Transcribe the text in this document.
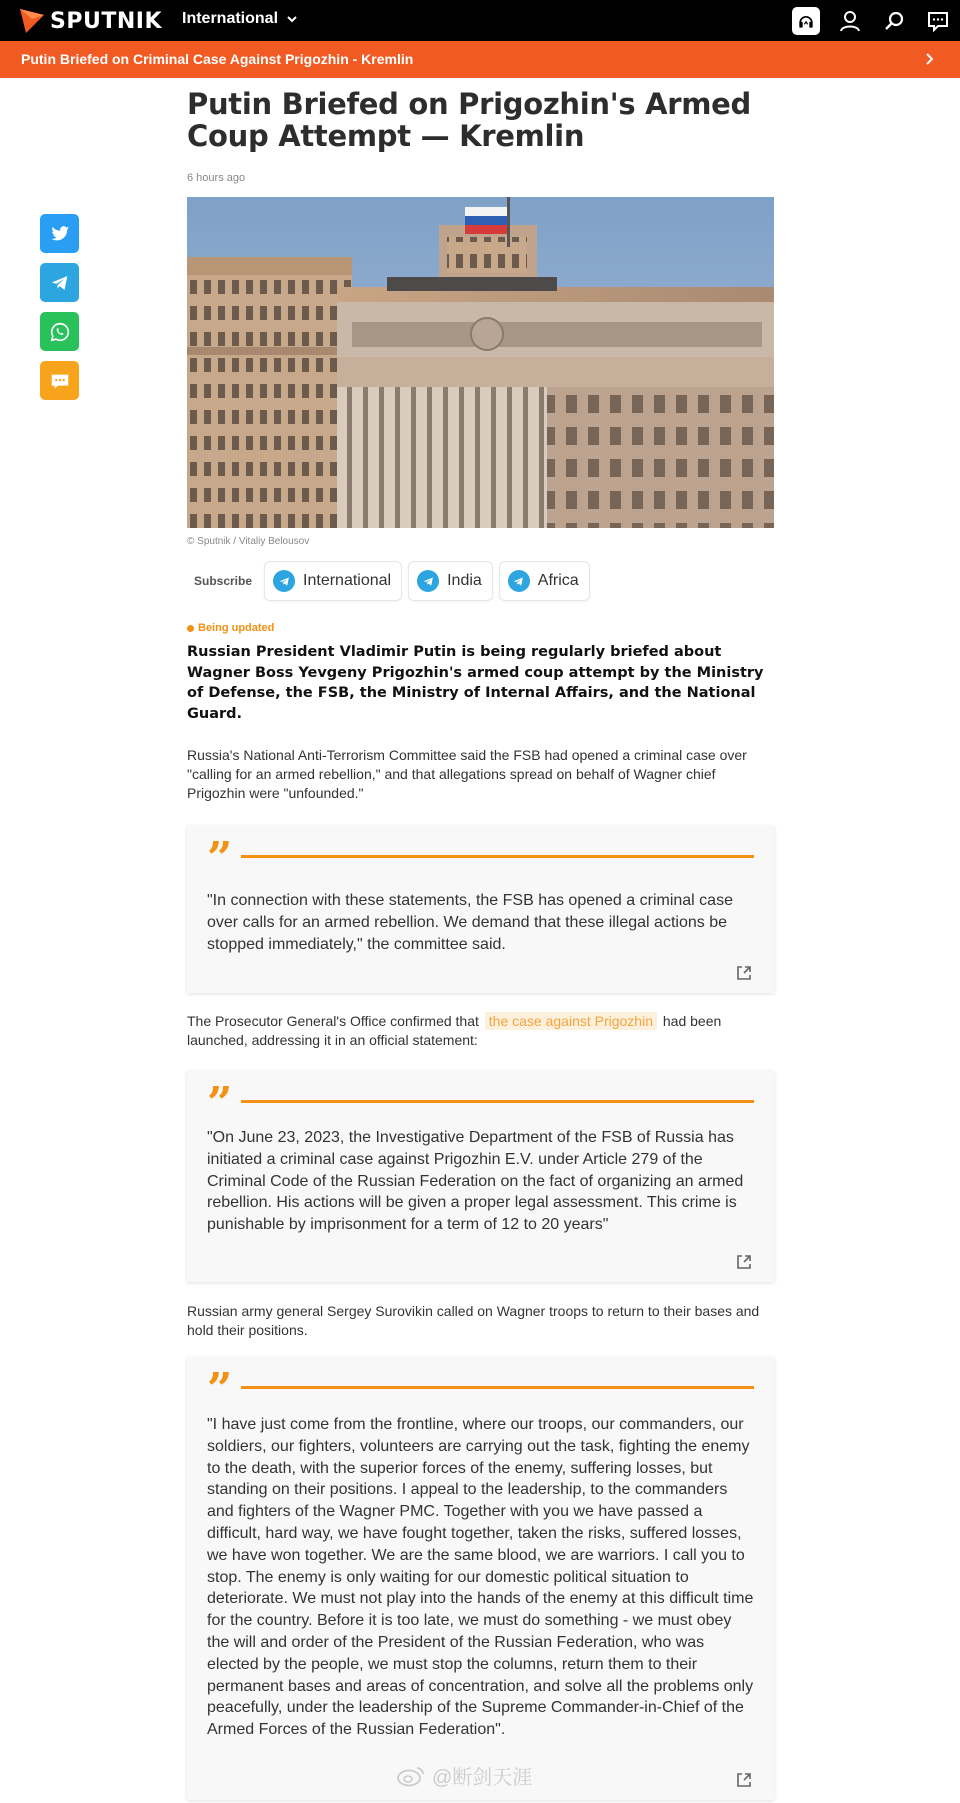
SPUTNIK International
Putin Briefed on Criminal Case Against Prigozhin - Kremlin
Putin Briefed on Prigozhin's Armed Coup Attempt — Kremlin
6 hours ago
© Sputnik / Vitaliy Belousov
Subscribe	International	India	Africa
Being updated

Russian President Vladimir Putin is being regularly briefed about Wagner Boss Yevgeny Prigozhin's armed coup attempt by the Ministry of Defense, the FSB, the Ministry of Internal Affairs, and the National Guard.

Russia's National Anti-Terrorism Committee said the FSB had opened a criminal case over "calling for an armed rebellion," and that allegations spread on behalf of Wagner chief Prigozhin were "unfounded."

”

"In connection with these statements, the FSB has opened a criminal case over calls for an armed rebellion. We demand that these illegal actions be stopped immediately," the committee said.

The Prosecutor General's Office confirmed that the case against Prigozhin had been launched, addressing it in an official statement:

”

"On June 23, 2023, the Investigative Department of the FSB of Russia has initiated a criminal case against Prigozhin E.V. under Article 279 of the Criminal Code of the Russian Federation on the fact of organizing an armed rebellion. His actions will be given a proper legal assessment. This crime is punishable by imprisonment for a term of 12 to 20 years"

Russian army general Sergey Surovikin called on Wagner troops to return to their bases and hold their positions.

”

"I have just come from the frontline, where our troops, our commanders, our soldiers, our fighters, volunteers are carrying out the task, fighting the enemy to the death, with the superior forces of the enemy, suffering losses, but standing on their positions. I appeal to the leadership, to the commanders and fighters of the Wagner PMC. Together with you we have passed a difficult, hard way, we have fought together, taken the risks, suffered losses, we have won together. We are the same blood, we are warriors. I call you to stop. The enemy is only waiting for our domestic political situation to deteriorate. We must not play into the hands of the enemy at this difficult time for the country. Before it is too late, we must do something - we must obey the will and order of the President of the Russian Federation, who was elected by the people, we must stop the columns, return them to their permanent bases and areas of concentration, and solve all the problems only peacefully, under the leadership of the Supreme Commander-in-Chief of the Armed Forces of the Russian Federation".

@断剑天涯
